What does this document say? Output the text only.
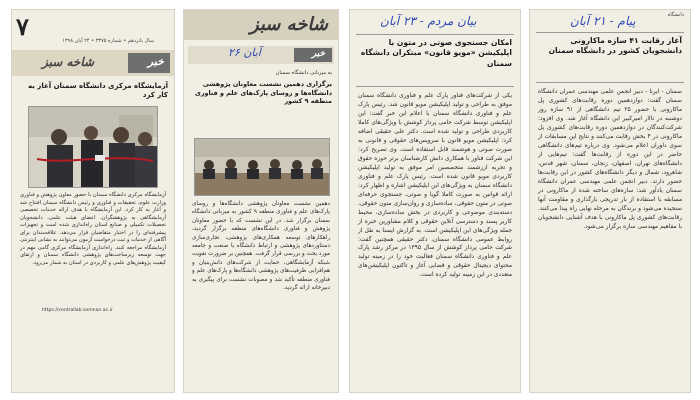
۷	سال پانزدهم • شماره ۳۳۷۵ • ۲۴ آبان ۱۳۹۸
خبر
شاخه سبز
آزمایشگاه مرکزی دانشگاه سمنان آغاز به کار کرد
آزمایشگاه مرکزی دانشگاه سمنان با حضور معاون پژوهش و فناوری وزارت علوم، تحقیقات و فناوری و رئیس دانشگاه سمنان افتتاح شد و آغاز به کار کرد. این آزمایشگاه با هدف ارائه خدمات تخصصی آزمایشگاهی به پژوهشگران، اعضای هیئت علمی، دانشجویان تحصیلات تکمیلی و صنایع استان راه‌اندازی شده است و تجهیزات پیشرفته‌ای را در اختیار متقاضیان قرار می‌دهد. علاقه‌مندان برای آگاهی از خدمات و ثبت درخواست آزمون می‌توانند به نشانی اینترنتی آزمایشگاه مراجعه کنند. راه‌اندازی آزمایشگاه مرکزی گامی مهم در جهت توسعه زیرساخت‌های پژوهشی دانشگاه سمنان و ارتقای کیفیت پژوهش‌های علمی و کاربردی در استان به شمار می‌رود.
https://centrallab.semnan.ac.ir
شاخه سبز
خبر
۲۶ آبان
به میزبانی دانشگاه سمنان
برگزاری دهمین نشست معاونان پژوهشی دانشگاه‌ها و روسای پارک‌های علم و فناوری منطقه ۹ کشور
دهمین نشست معاونان پژوهشی دانشگاه‌ها و روسای پارک‌های علم و فناوری منطقه ۹ کشور به میزبانی دانشگاه سمنان برگزار شد. در این نشست که با حضور معاونان پژوهش و فناوری دانشگاه‌های منطقه برگزار گردید، راهکارهای توسعه همکاری‌های پژوهشی، تجاری‌سازی دستاوردهای پژوهشی و ارتباط دانشگاه با صنعت و جامعه مورد بحث و بررسی قرار گرفت. همچنین بر ضرورت تقویت شبکه آزمایشگاهی، حمایت از شرکت‌های دانش‌بنیان و هم‌افزایی ظرفیت‌های پژوهشی دانشگاه‌ها و پارک‌های علم و فناوری منطقه تأکید شد و مصوبات نشست برای پیگیری به دبیرخانه ارائه گردید.
بیان مردم - ۲۳ آبان
امکان جستجوی صوتی در متون با اپلیکیشن «مویو قانون» مبتکران دانشگاه سمنان
یکی از شرکت‌های فناور پارک علم و فناوری دانشگاه سمنان موفق به طراحی و تولید اپلیکیشن مویو قانون شد. رئیس پارک علم و فناوری دانشگاه سمنان با اعلام این خبر گفت: این اپلیکیشن توسط شرکت حامی پرداز کوشش با ویژگی‌های کاملا کاربردی طراحی و تولید شده است. دکتر علی حقیقی اضافه کرد: اپلیکیشن مویو قانون با سرویس‌های حقوقی و قانونی به صورت صوتی و هوشمند قابل استفاده است. وی تصریح کرد: این شرکت فناور با همکاری دانش کارشناسان برتر حوزه حقوق و تجربه ارزشمند متخصصین امر موفق به تولید اپلیکیشن کاربردی مویو قانون شده است. رئیس پارک علم و فناوری دانشگاه سمنان به ویژگی‌های این اپلیکیشن اشاره و اظهار کرد: ارائه قوانین به صورت کاملا گویا و صوتی، جستجوی حرفه‌ای صوتی در متون حقوقی، ساده‌سازی و روان‌سازی متون حقوقی، دسته‌بندی موضوعی و کاربردی در بخش ساده‌سازی، محیط کاربر پسند و دسترسی آنلاین حقوقی و کلام مشاورین خبره از جمله ویژگی‌های این اپلیکیشن است. به گزارش ایسنا به نقل از روابط عمومی دانشگاه سمنان، دکتر حقیقی همچنین گفت: شرکت حامی پرداز کوشش از سال ۱۳۹۵ در مرکز رشد پارک علم و فناوری دانشگاه سمنان فعالیت خود را در زمینه تولید محتوای دیجیتال حقوقی و قضایی آغاز و تاکنون اپلیکیشن‌های متعددی در این زمینه تولید کرده است.
دانشگاه
پیام - ۲۱ آبان
آغاز رقابت ۴۱ سازه ماکارونی دانشجویان کشور در دانشگاه سمنان
سمنان - ایرنا - دبیر انجمن علمی مهندسی عمران دانشگاه سمنان گفت: دوازدهمین دوره رقابت‌های کشوری پل ماکارونی با حضور ۲۵ تیم دانشگاهی از ۹۱ سازه روز دوشنبه در تالار امیرکبیر این دانشگاه آغاز شد. وی افزود: شرکت‌کنندگان در دوازدهمین دوره رقابت‌های کشوری پل ماکارونی در ۴ بخش رقابت می‌کنند و نتایج این مسابقات از سوی داوران اعلام می‌شود. وی درباره تیم‌های دانشگاهی حاضر در این دوره از رقابت‌ها گفت: تیم‌هایی از دانشگاه‌های تهران، اصفهان، زنجان، سمنان، شهر قدس، شاهرود، شمال و دیگر دانشگاه‌های کشور در این رقابت‌ها حضور دارند. دبیر انجمن علمی مهندسی عمران دانشگاه سمنان یادآور شد: سازه‌های ساخته شده از ماکارونی در مسابقه با استفاده از بار تدریجی بارگذاری و مقاومت آنها سنجیده می‌شود و برندگان به مرحله نهایی راه پیدا می‌کنند. رقابت‌های کشوری پل ماکارونی با هدف آشنایی دانشجویان با مفاهیم مهندسی سازه برگزار می‌شود.
